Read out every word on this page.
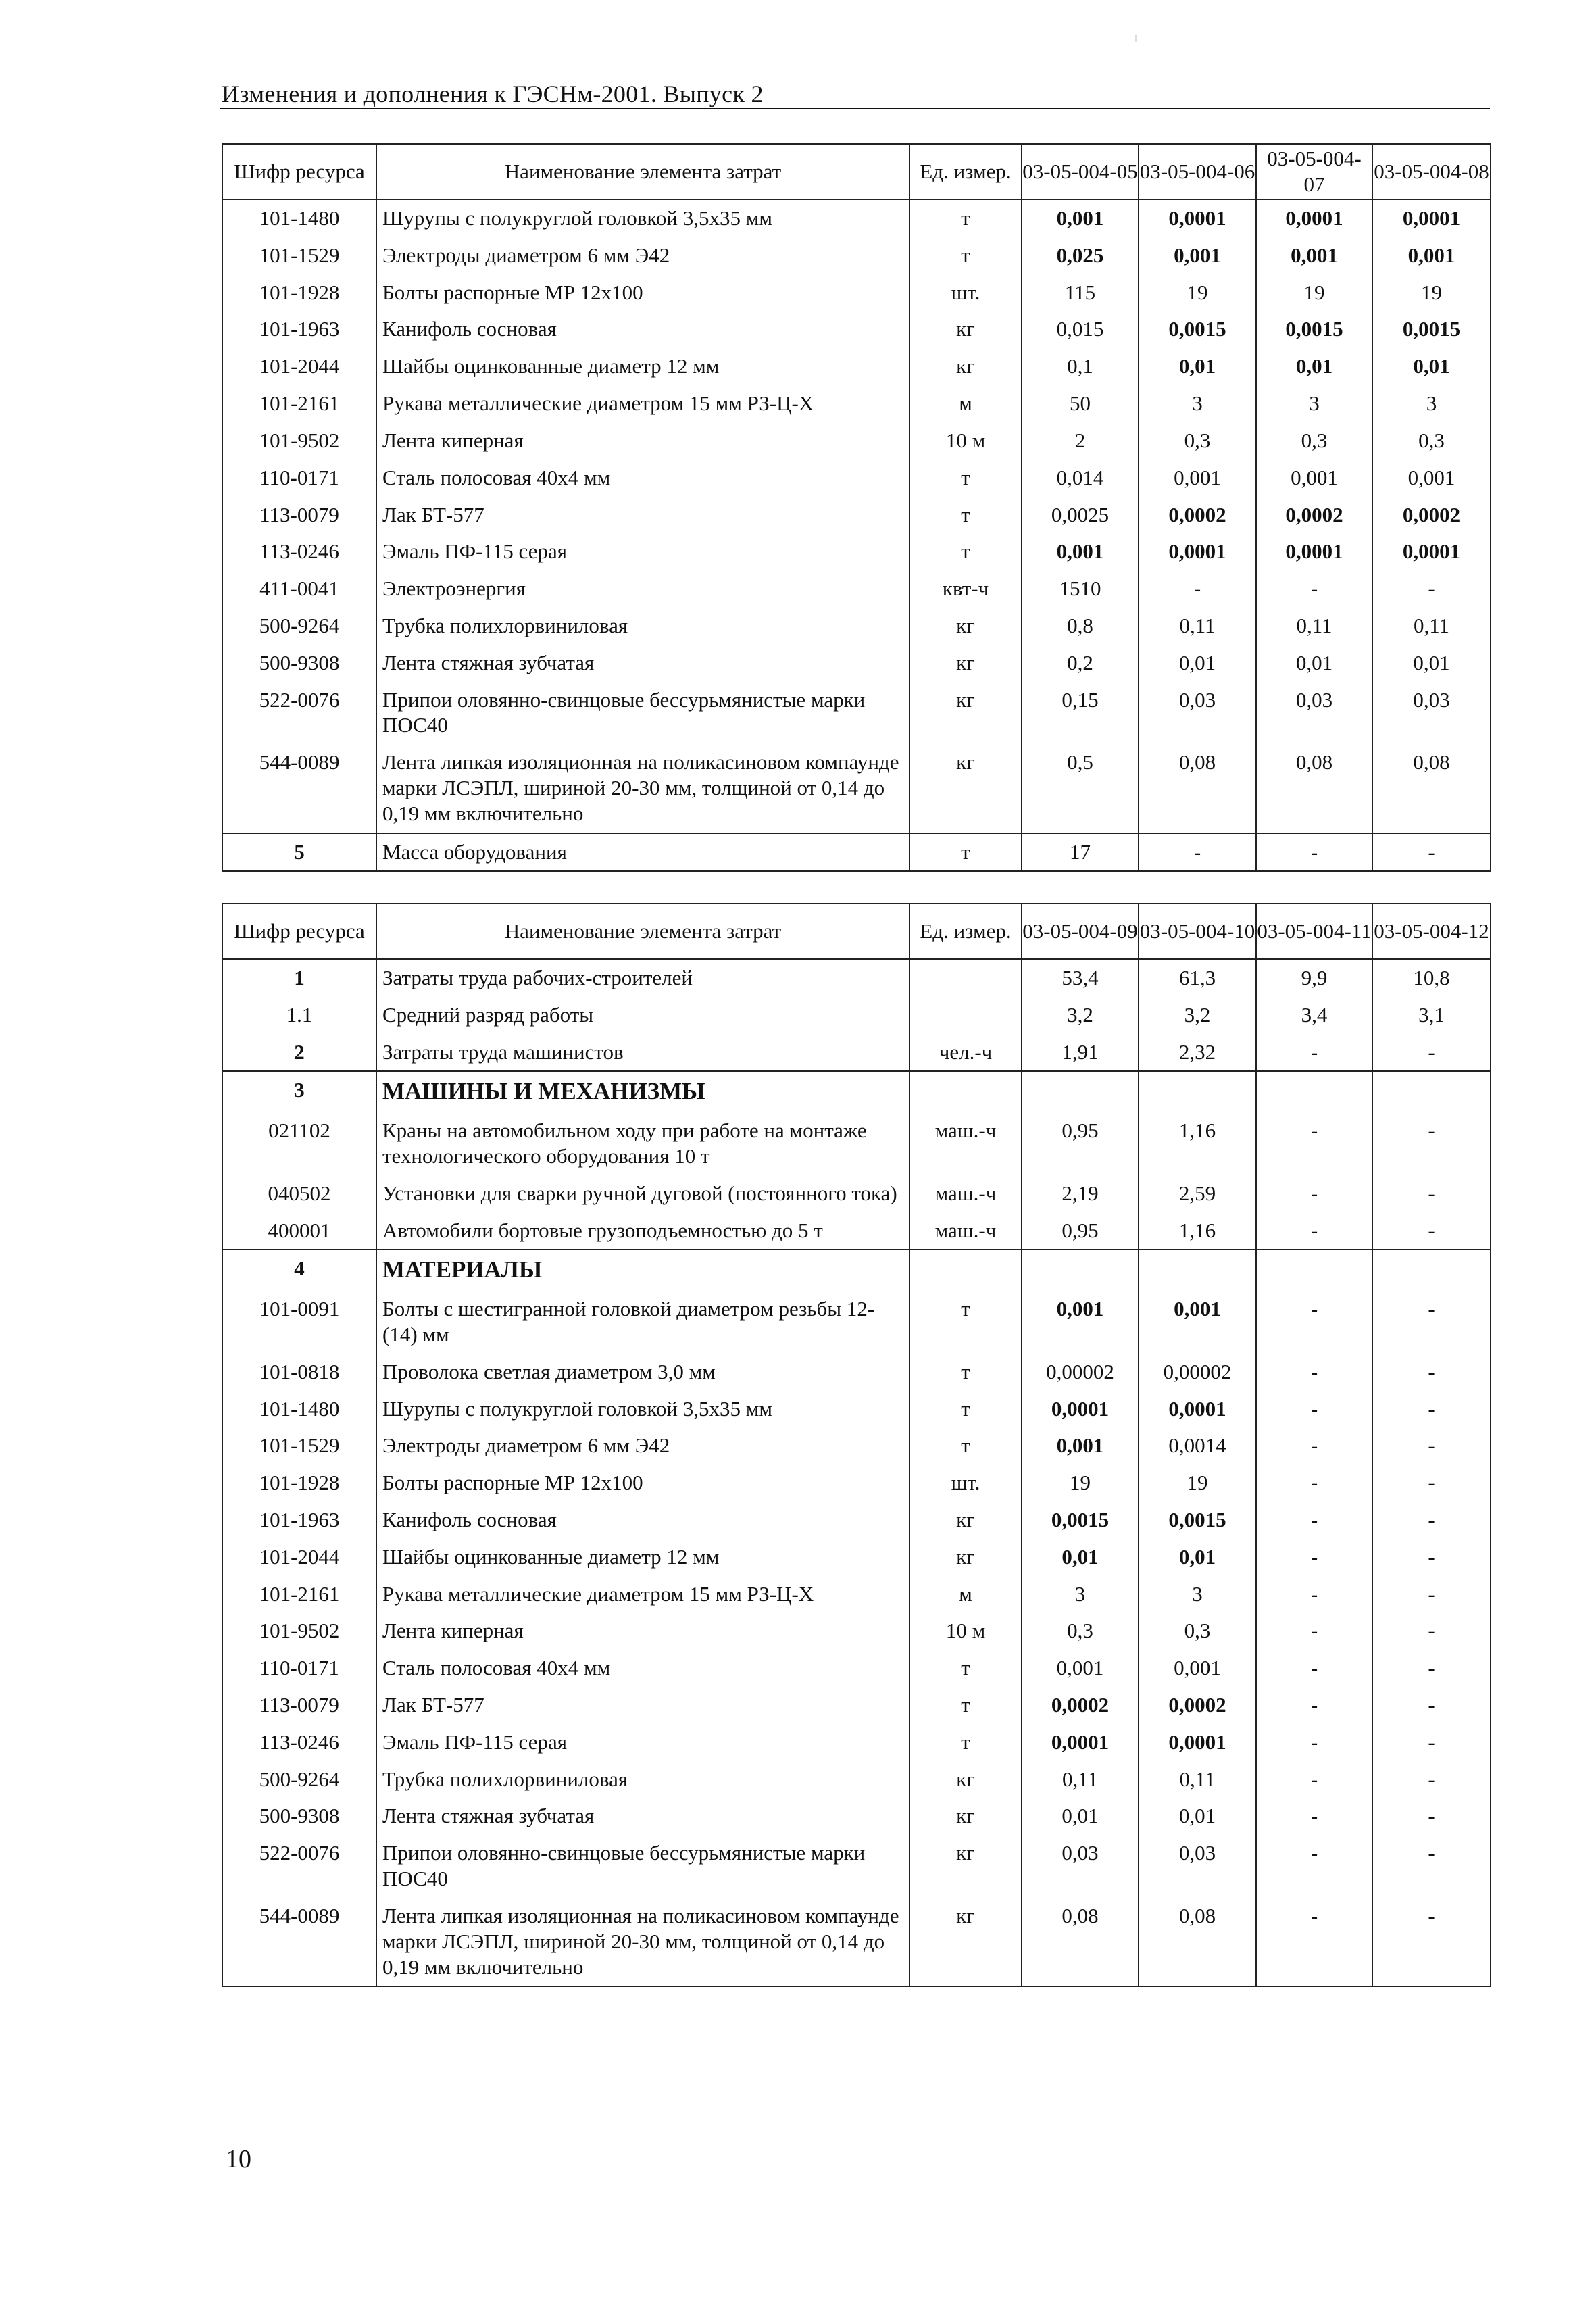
Изменения и дополнения к ГЭСНм-2001. Выпуск 2
Шифр ресурса	Наименование элемента затрат	Ед. измер.	03-05-004-05	03-05-004-06	03-05-004-07	03-05-004-08

101-1480	Шурупы с полукруглой головкой 3,5х35 мм	т	0,001	0,0001	0,0001	0,0001

101-1529	Электроды диаметром 6 мм Э42	т	0,025	0,001	0,001	0,001

101-1928	Болты распорные МР 12х100	шт.	115	19	19	19

101-1963	Канифоль сосновая	кг	0,015	0,0015	0,0015	0,0015

101-2044	Шайбы оцинкованные диаметр 12 мм	кг	0,1	0,01	0,01	0,01

101-2161	Рукава металлические диаметром 15 мм РЗ-Ц-Х	м	50	3	3	3

101-9502	Лента киперная	10 м	2	0,3	0,3	0,3

110-0171	Сталь полосовая 40х4 мм	т	0,014	0,001	0,001	0,001

113-0079	Лак БТ-577	т	0,0025	0,0002	0,0002	0,0002

113-0246	Эмаль ПФ-115 серая	т	0,001	0,0001	0,0001	0,0001

411-0041	Электроэнергия	квт-ч	1510	-	-	-

500-9264	Трубка полихлорвиниловая	кг	0,8	0,11	0,11	0,11

500-9308	Лента стяжная зубчатая	кг	0,2	0,01	0,01	0,01

522-0076	Припои оловянно-свинцовые бессурьмянистые марки ПОС40	кг	0,15	0,03	0,03	0,03

544-0089	Лента липкая изоляционная на поликасиновом компаунде марки ЛСЭПЛ, шириной 20-30 мм, толщиной от 0,14 до 0,19 мм включительно	кг	0,5	0,08	0,08	0,08

5	Масса оборудования	т	17	-	-	-
Шифр ресурса	Наименование элемента затрат	Ед. измер.	03-05-004-09	03-05-004-10	03-05-004-11	03-05-004-12

1	Затраты труда рабочих-строителей		53,4	61,3	9,9	10,8

1.1	Средний разряд работы		3,2	3,2	3,4	3,1

2	Затраты труда машинистов	чел.-ч	1,91	2,32	-	-

3	МАШИНЫ И МЕХАНИЗМЫ					

021102	Краны на автомобильном ходу при работе на монтаже технологического оборудования 10 т	маш.-ч	0,95	1,16	-	-

040502	Установки для сварки ручной дуговой (постоянного тока)	маш.-ч	2,19	2,59	-	-

400001	Автомобили бортовые грузоподъемностью до 5 т	маш.-ч	0,95	1,16	-	-

4	МАТЕРИАЛЫ					

101-0091	Болты с шестигранной головкой диаметром резьбы 12-(14) мм	т	0,001	0,001	-	-

101-0818	Проволока светлая диаметром 3,0 мм	т	0,00002	0,00002	-	-

101-1480	Шурупы с полукруглой головкой 3,5х35 мм	т	0,0001	0,0001	-	-

101-1529	Электроды диаметром 6 мм Э42	т	0,001	0,0014	-	-

101-1928	Болты распорные МР 12х100	шт.	19	19	-	-

101-1963	Канифоль сосновая	кг	0,0015	0,0015	-	-

101-2044	Шайбы оцинкованные диаметр 12 мм	кг	0,01	0,01	-	-

101-2161	Рукава металлические диаметром 15 мм РЗ-Ц-Х	м	3	3	-	-

101-9502	Лента киперная	10 м	0,3	0,3	-	-

110-0171	Сталь полосовая 40х4 мм	т	0,001	0,001	-	-

113-0079	Лак БТ-577	т	0,0002	0,0002	-	-

113-0246	Эмаль ПФ-115 серая	т	0,0001	0,0001	-	-

500-9264	Трубка полихлорвиниловая	кг	0,11	0,11	-	-

500-9308	Лента стяжная зубчатая	кг	0,01	0,01	-	-

522-0076	Припои оловянно-свинцовые бессурьмянистые марки ПОС40	кг	0,03	0,03	-	-

544-0089	Лента липкая изоляционная на поликасиновом компаунде марки ЛСЭПЛ, шириной 20-30 мм, толщиной от 0,14 до 0,19 мм включительно	кг	0,08	0,08	-	-
10
